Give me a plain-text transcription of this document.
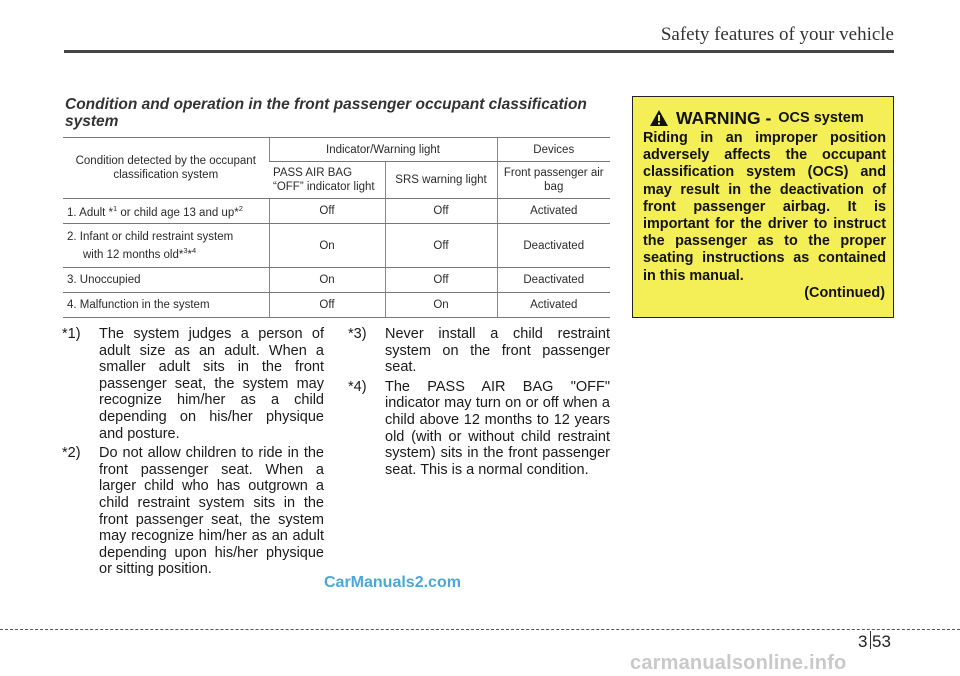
Safety features of your vehicle
Condition and operation in the front passenger occupant classification system
Condition detected by the occupant classification system	Indicator/Warning light		Devices
	PASS AIR BAG “OFF” indicator light	SRS warning light	Front passenger air bag
1. Adult *$^1$ or child age 13 and up*$^2$	Off	Off	Activated
2. Infant or child restraint system
with 12 months old*$^3$*$^4$	On	Off	Deactivated
3. Unoccupied	On	Off	Deactivated
4. Malfunction in the system	Off	On	Activated
*1)	The system judges a person of adult size as an adult. When a smaller adult sits in the front passenger seat, the system may recognize him/her as a child depending on his/her physique and posture.
*2)	Do not allow children to ride in the front passenger seat. When a larger child who has outgrown a child restraint system sits in the front passenger seat, the system may recognize him/her as an adult depending upon his/her physique or sitting position.
*3)	Never install a child restraint system on the front passenger seat.
*4)	The PASS AIR BAG "OFF" indicator may turn on or off when a child above 12 months to 12 years old (with or without child restraint system) sits in the front passenger seat. This is a normal condition.
WARNING - OCS system
Riding in an improper position adversely affects the occupant classification system (OCS) and may result in the deactivation of front passenger airbag. It is important for the driver to instruct the passenger as to the proper seating instructions as contained in this manual.
(Continued)
CarManuals2.com
3 53
carmanualsonline.info
